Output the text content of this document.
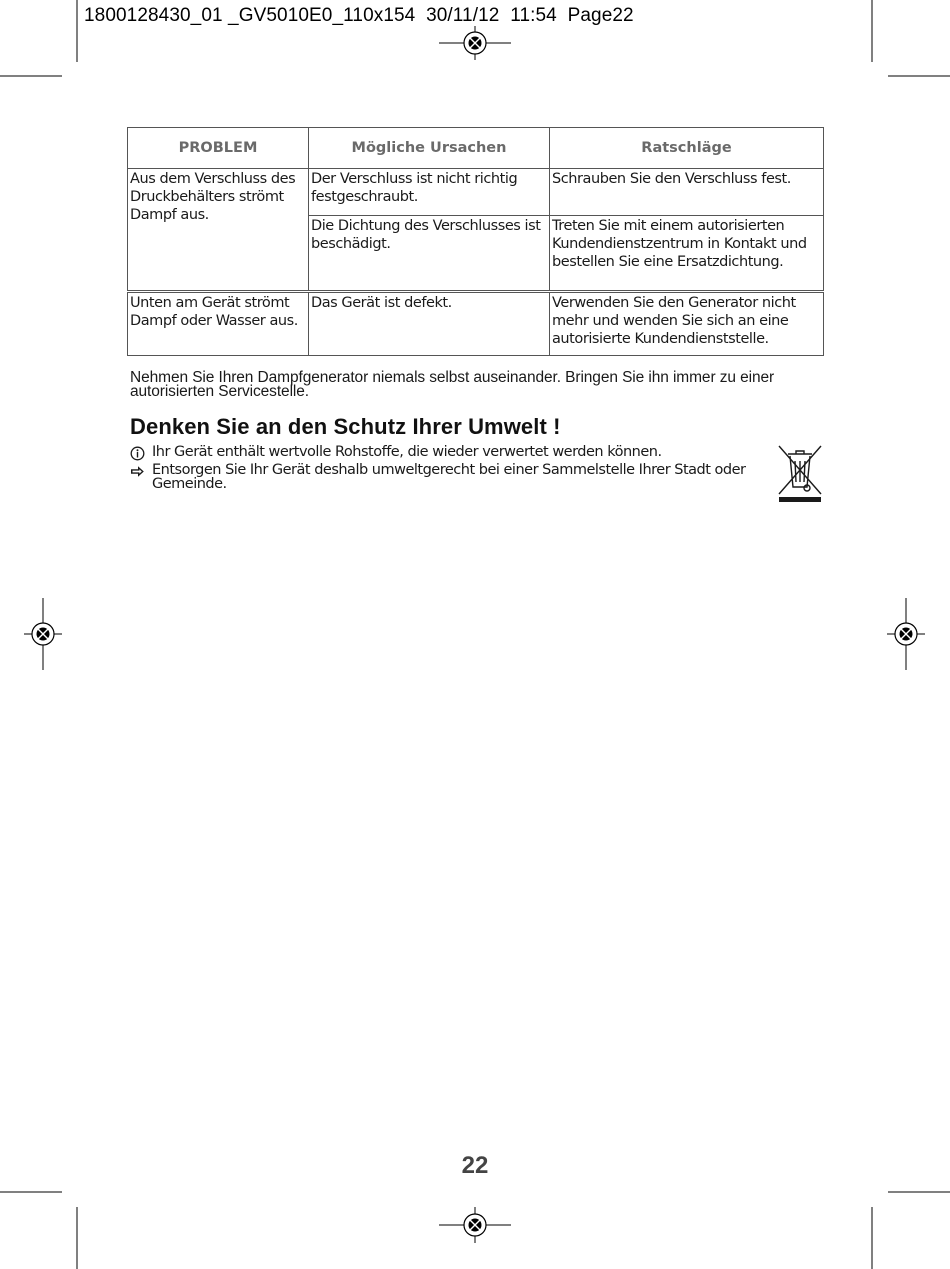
1800128430_01 _GV5010E0_110x154  30/11/12  11:54  Page22
PROBLEM	Mögliche Ursachen	Ratschläge
Aus dem Verschluss des Druckbehälters strömt Dampf aus.	Der Verschluss ist nicht richtig festgeschraubt.	Schrauben Sie den Verschluss fest.
	Die Dichtung des Verschlusses ist beschädigt.	Treten Sie mit einem autorisierten Kundendienstzentrum in Kontakt und bestellen Sie eine Ersatzdichtung.
Unten am Gerät strömt Dampf oder Wasser aus.	Das Gerät ist defekt.	Verwenden Sie den Generator nicht mehr und wenden Sie sich an eine autorisierte Kundendienststelle.
Nehmen Sie Ihren Dampfgenerator niemals selbst auseinander. Bringen Sie ihn immer zu einer autorisierten Servicestelle.
Denken Sie an den Schutz Ihrer Umwelt !
Ihr Gerät enthält wertvolle Rohstoffe, die wieder verwertet werden können.
Entsorgen Sie Ihr Gerät deshalb umweltgerecht bei einer Sammelstelle Ihrer Stadt oder Gemeinde.
22
